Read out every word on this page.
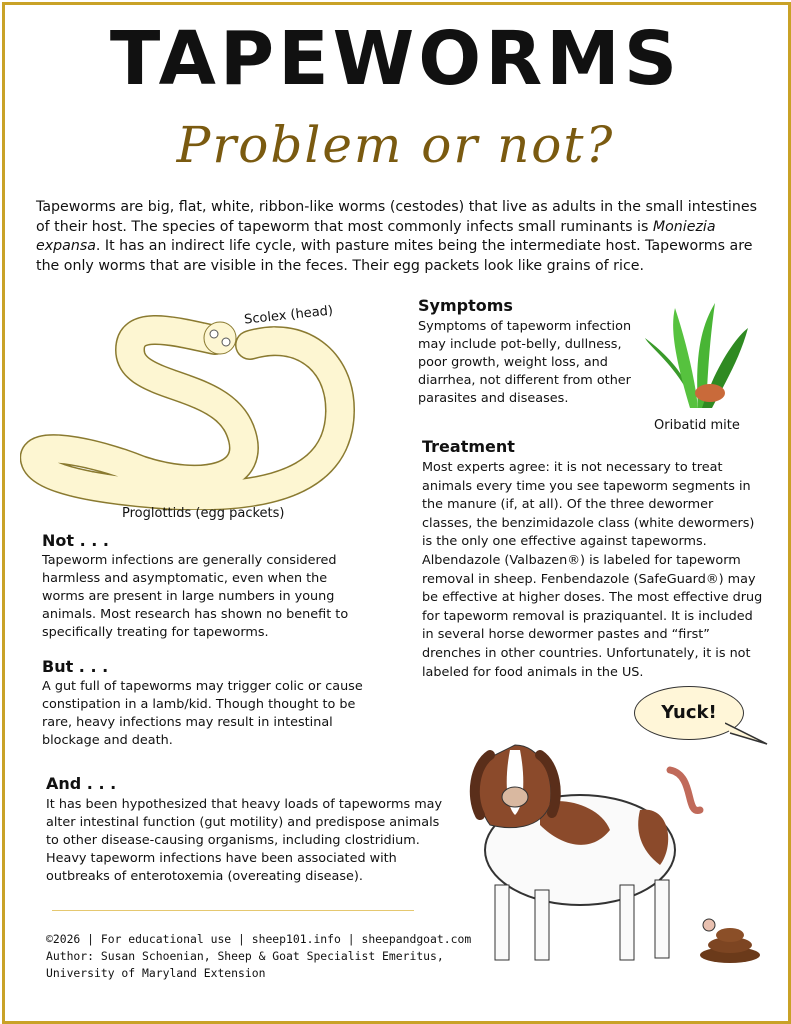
TAPEWORMS
Problem or not?
Tapeworms are big, flat, white, ribbon-like worms (cestodes) that live as adults in the small intestines of their host. The species of tapeworm that most commonly infects small ruminants is Moniezia expansa. It has an indirect life cycle, with pasture mites being the intermediate host. Tapeworms are the only worms that are visible in the feces. Their egg packets look like grains of rice.
Scolex (head)
Proglottids (egg packets)
Symptoms
Symptoms of tapeworm infection may include pot-belly, dullness, poor growth, weight loss, and diarrhea, not different from other parasites and diseases.
Oribatid mite
Treatment
Most experts agree: it is not necessary to treat animals every time you see tapeworm segments in the manure (if, at all). Of the three dewormer classes, the benzimidazole class (white dewormers) is the only one effective against tapeworms. Albendazole (Valbazen®) is labeled for tapeworm removal in sheep. Fenbendazole (SafeGuard®) may be effective at higher doses. The most effective drug for tapeworm removal is praziquantel. It is included in several horse dewormer pastes and “first” drenches in other countries. Unfortunately, it is not labeled for food animals in the US.
Not . . .
Tapeworm infections are generally considered harmless and asymptomatic, even when the worms are present in large numbers in young animals. Most research has shown no benefit to specifically treating for tapeworms.
But . . .
A gut full of tapeworms may trigger colic or cause constipation in a lamb/kid. Though thought to be rare, heavy infections may result in intestinal blockage and death.
And . . .
It has been hypothesized that heavy loads of tapeworms may alter intestinal function (gut motility) and predispose animals to other disease-causing organisms, including clostridium. Heavy tapeworm infections have been associated with outbreaks of enterotoxemia (overeating disease).
©2026 | For educational use | sheep101.info | sheepandgoat.com
Author: Susan Schoenian, Sheep & Goat Specialist Emeritus,
University of Maryland Extension
Yuck!
